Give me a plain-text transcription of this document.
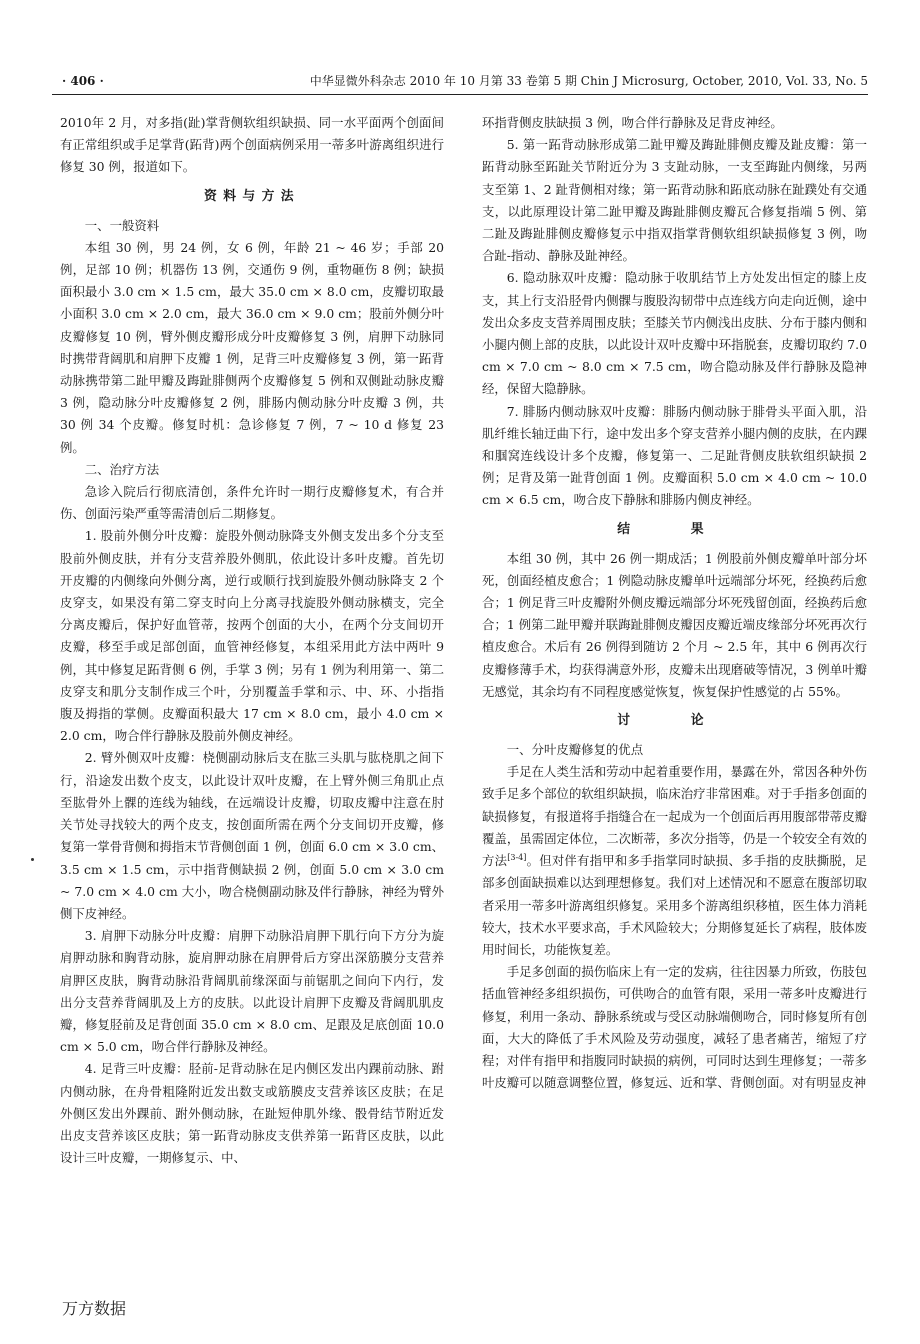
· 406 ·	中华显微外科杂志 2010 年 10 月第 33 卷第 5 期 Chin J Microsurg, October, 2010, Vol. 33, No. 5

2010年 2 月，对多指(趾)掌背侧软组织缺损、同一水平面两个创面间有正常组织或手足掌背(跖背)两个创面病例采用一蒂多叶游离组织进行修复 30 例，报道如下。

资料与方法
一、一般资料

本组 30 例，男 24 例，女 6 例，年龄 21 ~ 46 岁；手部 20 例，足部 10 例；机器伤 13 例，交通伤 9 例，重物砸伤 8 例；缺损面积最小 3.0 cm × 1.5 cm，最大 35.0 cm × 8.0 cm，皮瓣切取最小面积 3.0 cm × 2.0 cm，最大 36.0 cm × 9.0 cm；股前外侧分叶皮瓣修复 10 例，臂外侧皮瓣形成分叶皮瓣修复 3 例，肩胛下动脉同时携带背阔肌和肩胛下皮瓣 1 例，足背三叶皮瓣修复 3 例，第一跖背动脉携带第二趾甲瓣及踇趾腓侧两个皮瓣修复 5 例和双侧趾动脉皮瓣 3 例，隐动脉分叶皮瓣修复 2 例，腓肠内侧动脉分叶皮瓣 3 例，共 30 例 34 个皮瓣。修复时机：急诊修复 7 例，7 ~ 10 d 修复 23 例。

二、治疗方法

急诊入院后行彻底清创，条件允许时一期行皮瓣修复术，有合并伤、创面污染严重等需清创后二期修复。

1. 股前外侧分叶皮瓣：旋股外侧动脉降支外侧支发出多个分支至股前外侧皮肤，并有分支营养股外侧肌，依此设计多叶皮瓣。首先切开皮瓣的内侧缘向外侧分离，逆行或顺行找到旋股外侧动脉降支 2 个皮穿支，如果没有第二穿支时向上分离寻找旋股外侧动脉横支，完全分离皮瓣后，保护好血管蒂，按两个创面的大小，在两个分支间切开皮瓣，移至手或足部创面，血管神经修复，本组采用此方法中两叶 9 例，其中修复足跖背侧 6 例，手掌 3 例；另有 1 例为利用第一、第二皮穿支和肌分支制作成三个叶，分别覆盖手掌和示、中、环、小指指腹及拇指的掌侧。皮瓣面积最大 17 cm × 8.0 cm，最小 4.0 cm × 2.0 cm，吻合伴行静脉及股前外侧皮神经。

2. 臂外侧双叶皮瓣：桡侧副动脉后支在肱三头肌与肱桡肌之间下行，沿途发出数个皮支，以此设计双叶皮瓣，在上臂外侧三角肌止点至肱骨外上髁的连线为轴线，在远端设计皮瓣，切取皮瓣中注意在肘关节处寻找较大的两个皮支，按创面所需在两个分支间切开皮瓣，修复第一掌骨背侧和拇指末节背侧创面 1 例，创面 6.0 cm × 3.0 cm、3.5 cm × 1.5 cm，示中指背侧缺损 2 例，创面 5.0 cm × 3.0 cm ~ 7.0 cm × 4.0 cm 大小，吻合桡侧副动脉及伴行静脉，神经为臂外侧下皮神经。

3. 肩胛下动脉分叶皮瓣：肩胛下动脉沿肩胛下肌行向下方分为旋肩胛动脉和胸背动脉，旋肩胛动脉在肩胛骨后方穿出深筋膜分支营养肩胛区皮肤，胸背动脉沿背阔肌前缘深面与前锯肌之间向下内行，发出分支营养背阔肌及上方的皮肤。以此设计肩胛下皮瓣及背阔肌肌皮瓣，修复胫前及足背创面 35.0 cm × 8.0 cm、足跟及足底创面 10.0 cm × 5.0 cm，吻合伴行静脉及神经。

4. 足背三叶皮瓣：胫前-足背动脉在足内侧区发出内踝前动脉、跗内侧动脉，在舟骨粗隆附近发出数支或筋膜皮支营养该区皮肤；在足外侧区发出外踝前、跗外侧动脉，在趾短伸肌外缘、骰骨结节附近发出皮支营养该区皮肤；第一跖背动脉皮支供养第一跖背区皮肤，以此设计三叶皮瓣，一期修复示、中、

环指背侧皮肤缺损 3 例，吻合伴行静脉及足背皮神经。

5. 第一跖背动脉形成第二趾甲瓣及踇趾腓侧皮瓣及趾皮瓣：第一跖背动脉至跖趾关节附近分为 3 支趾动脉，一支至踇趾内侧缘，另两支至第 1、2 趾背侧相对缘；第一跖背动脉和跖底动脉在趾蹼处有交通支，以此原理设计第二趾甲瓣及踇趾腓侧皮瓣瓦合修复指端 5 例、第二趾及踇趾腓侧皮瓣修复示中指双指掌背侧软组织缺损修复 3 例，吻合趾-指动、静脉及趾神经。

6. 隐动脉双叶皮瓣：隐动脉于收肌结节上方处发出恒定的膝上皮支，其上行支沿胫骨内侧髁与腹股沟韧带中点连线方向走向近侧，途中发出众多皮支营养周围皮肤；至膝关节内侧浅出皮肤、分布于膝内侧和小腿内侧上部的皮肤，以此设计双叶皮瓣中环指脱套，皮瓣切取约 7.0 cm × 7.0 cm ~ 8.0 cm × 7.5 cm，吻合隐动脉及伴行静脉及隐神经，保留大隐静脉。

7. 腓肠内侧动脉双叶皮瓣：腓肠内侧动脉于腓骨头平面入肌，沿肌纤维长轴迂曲下行，途中发出多个穿支营养小腿内侧的皮肤，在内踝和腘窝连线设计多个皮瓣，修复第一、二足趾背侧皮肤软组织缺损 2 例；足背及第一趾背创面 1 例。皮瓣面积 5.0 cm × 4.0 cm ~ 10.0 cm × 6.5 cm，吻合皮下静脉和腓肠内侧皮神经。

结 果

本组 30 例，其中 26 例一期成活；1 例股前外侧皮瓣单叶部分坏死，创面经植皮愈合；1 例隐动脉皮瓣单叶远端部分坏死，经换药后愈合；1 例足背三叶皮瓣附外侧皮瓣远端部分坏死残留创面，经换药后愈合；1 例第二趾甲瓣并联踇趾腓侧皮瓣因皮瓣近端皮缘部分坏死再次行植皮愈合。术后有 26 例得到随访 2 个月 ~ 2.5 年，其中 6 例再次行皮瓣修薄手术，均获得满意外形，皮瓣未出现磨破等情况，3 例单叶瓣无感觉，其余均有不同程度感觉恢复，恢复保护性感觉的占 55%。

讨 论
一、分叶皮瓣修复的优点

手足在人类生活和劳动中起着重要作用，暴露在外，常因各种外伤致手足多个部位的软组织缺损，临床治疗非常困难。对于手指多创面的缺损修复，有报道将手指缝合在一起成为一个创面后再用腹部带蒂皮瓣覆盖，虽需固定体位，二次断蒂，多次分指等，仍是一个较安全有效的方法[3-4]。但对伴有指甲和多手指掌同时缺损、多手指的皮肤撕脱，足部多创面缺损难以达到理想修复。我们对上述情况和不愿意在腹部切取者采用一蒂多叶游离组织修复。采用多个游离组织移植，医生体力消耗较大，技术水平要求高，手术风险较大；分期修复延长了病程，肢体废用时间长，功能恢复差。

手足多创面的损伤临床上有一定的发病，往往因暴力所致，伤肢包括血管神经多组织损伤，可供吻合的血管有限，采用一蒂多叶皮瓣进行修复，利用一条动、静脉系统或与受区动脉端侧吻合，同时修复所有创面，大大的降低了手术风险及劳动强度，减轻了患者痛苦，缩短了疗程；对伴有指甲和指腹同时缺损的病例，可同时达到生理修复；一蒂多叶皮瓣可以随意调整位置，修复远、近和掌、背侧创面。对有明显皮神

万方数据
